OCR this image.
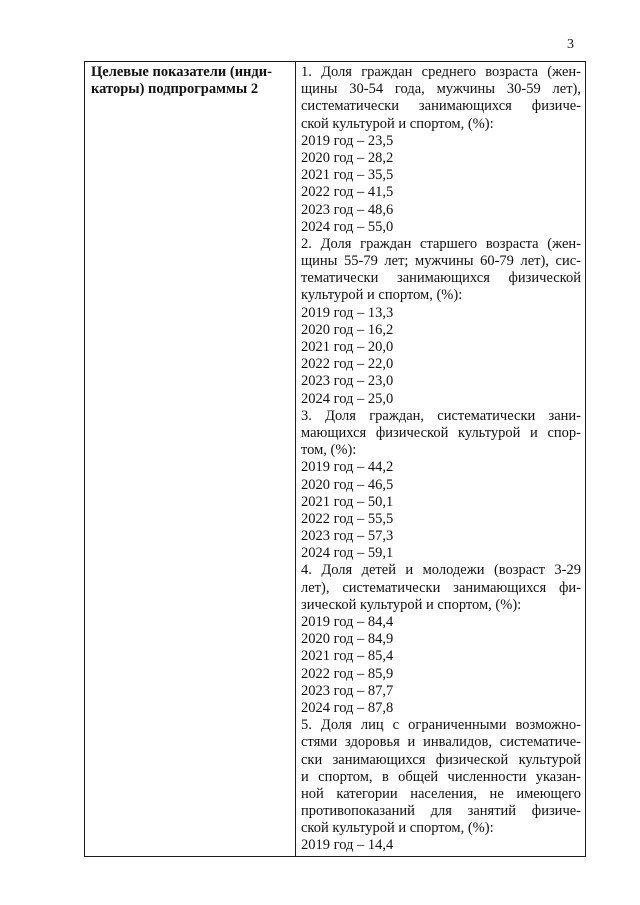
3
Целевые показатели (инди-
каторы) подпрограммы 2
1. Доля граждан среднего возраста (жен-
щины 30-54 года, мужчины 30-59 лет),
систематически занимающихся физиче-
ской культурой и спортом, (%):
2019 год – 23,5
2020 год – 28,2
2021 год – 35,5
2022 год – 41,5
2023 год – 48,6
2024 год – 55,0
2. Доля граждан старшего возраста (жен-
щины 55-79 лет; мужчины 60-79 лет), сис-
тематически занимающихся физической
культурой и спортом, (%):
2019 год – 13,3
2020 год – 16,2
2021 год – 20,0
2022 год – 22,0
2023 год – 23,0
2024 год – 25,0
3. Доля граждан, систематически зани-
мающихся физической культурой и спор-
том, (%):
2019 год – 44,2
2020 год – 46,5
2021 год – 50,1
2022 год – 55,5
2023 год – 57,3
2024 год – 59,1
4. Доля детей и молодежи (возраст 3-29
лет), систематически занимающихся фи-
зической культурой и спортом, (%):
2019 год – 84,4
2020 год – 84,9
2021 год – 85,4
2022 год – 85,9
2023 год – 87,7
2024 год – 87,8
5. Доля лиц с ограниченными возможно-
стями здоровья и инвалидов, систематиче-
ски занимающихся физической культурой
и спортом, в общей численности указан-
ной категории населения, не имеющего
противопоказаний для занятий физиче-
ской культурой и спортом, (%):
2019 год – 14,4
